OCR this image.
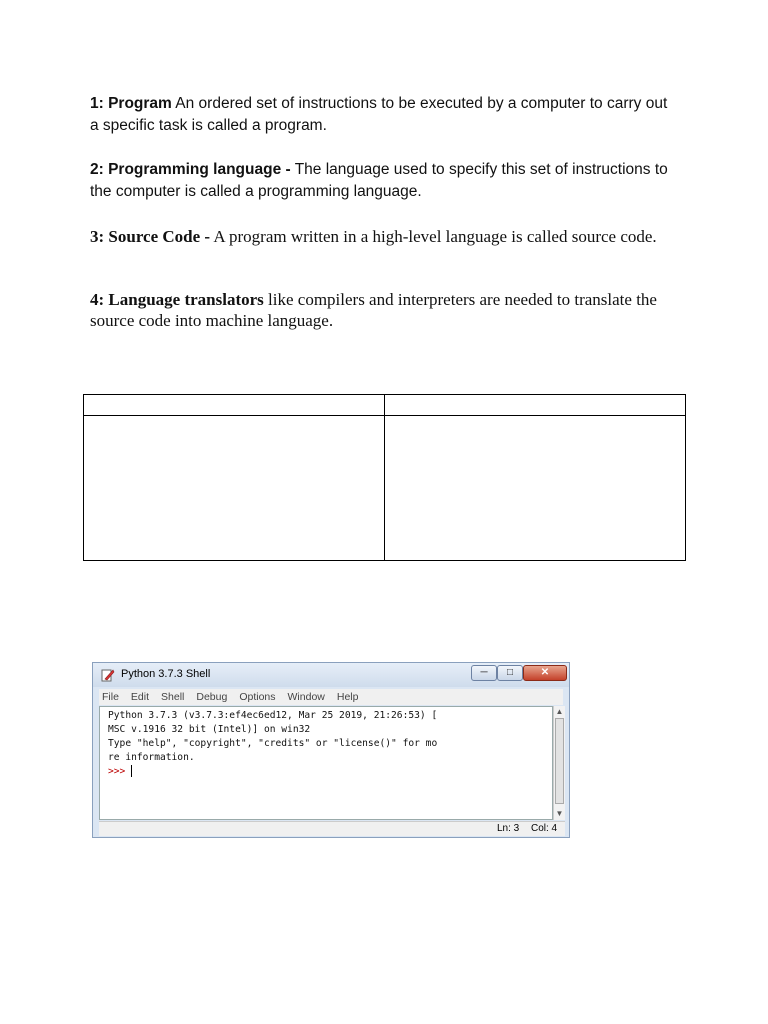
1: Program An ordered set of instructions to be executed by a computer to carry out a specific task is called a program.
2: Programming language - The language used to specify this set of instructions to the computer is called a programming language.
3: Source Code - A program written in a high-level language is called source code.
4: Language translators like compilers and interpreters are needed to translate the source code into machine language.

Python 3.7.3 Shell	─	□	✕
File Edit Shell Debug Options Window Help
Python 3.7.3 (v3.7.3:ef4ec6ed12, Mar 25 2019, 21:26:53) [
MSC v.1916 32 bit (Intel)] on win32
Type "help", "copyright", "credits" or "license()" for mo
re information.
>>>
▲
▼
Ln: 3 Col: 4
